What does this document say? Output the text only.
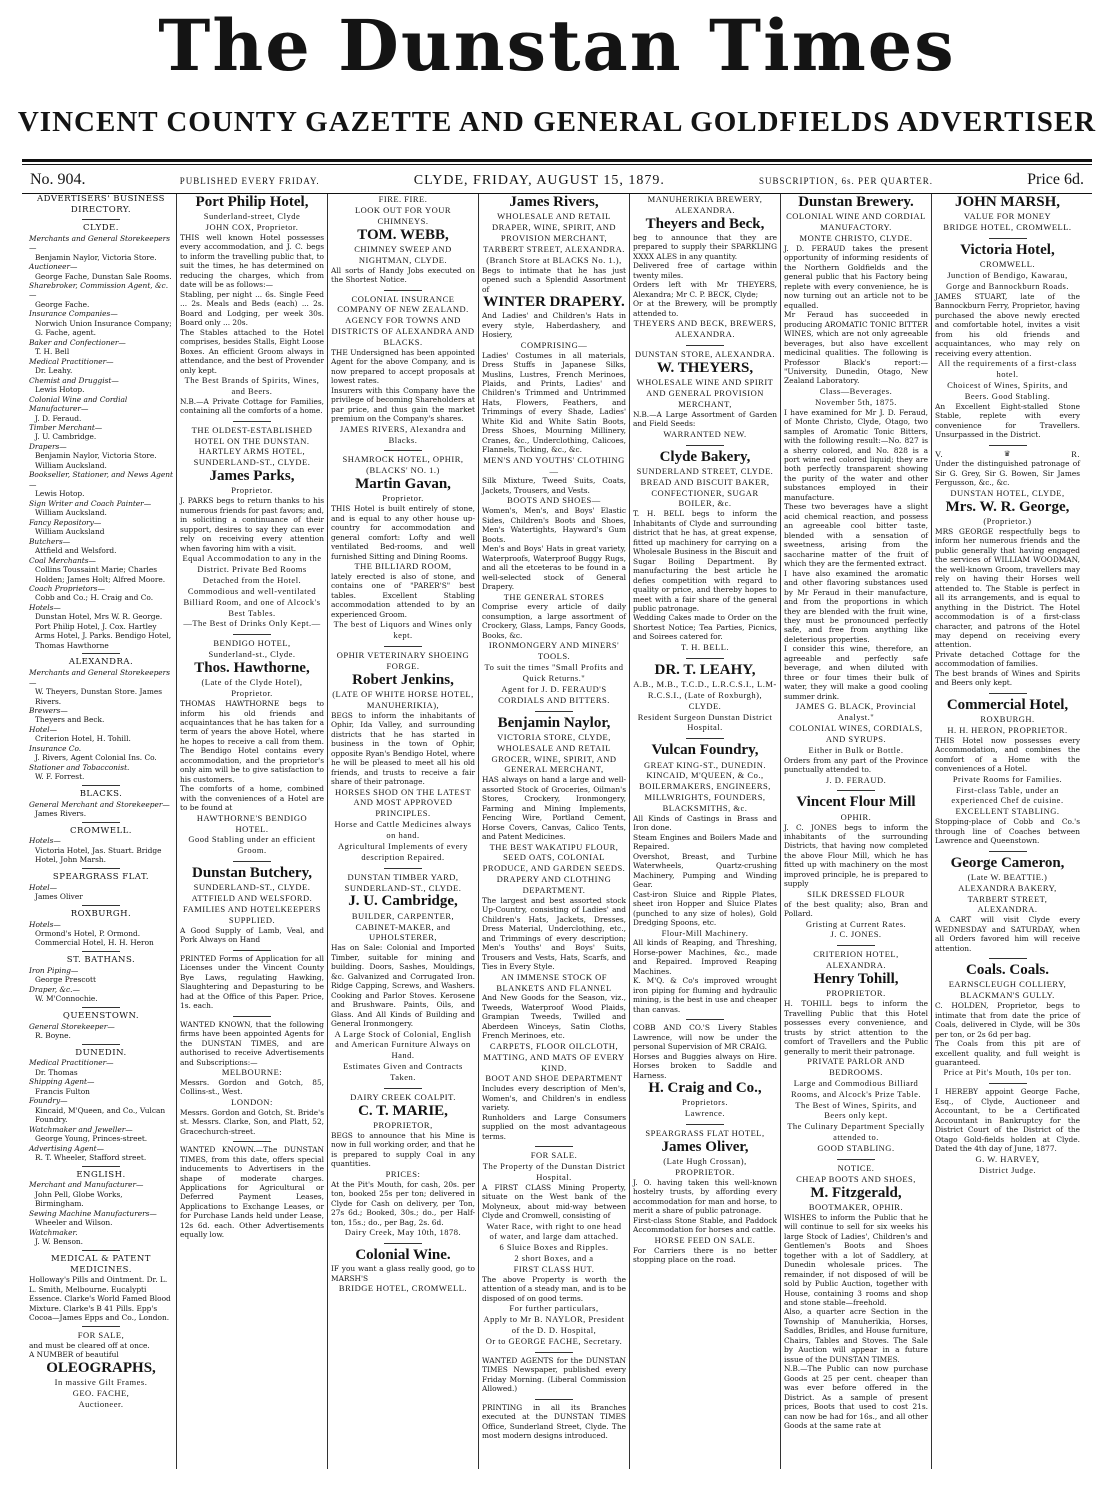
The Dunstan Times
VINCENT COUNTY GAZETTE AND GENERAL GOLDFIELDS ADVERTISER
No. 904.	PUBLISHED EVERY FRIDAY.	CLYDE, FRIDAY, AUGUST 15, 1879.	SUBSCRIPTION, 6s. PER QUARTER.	Price 6d.
ADVERTISERS' BUSINESS DIRECTORY.
CLYDE.
Merchants and General Storekeepers—
Benjamin Naylor, Victoria Store.
Auctioneer—
George Fache, Dunstan Sale Rooms.
Sharebroker, Commission Agent, &c.—
George Fache.
Insurance Companies—
Norwich Union Insurance Company; G. Fache, agent.
Baker and Confectioner—
T. H. Bell
Medical Practitioner—
Dr. Leahy.
Chemist and Druggist—
Lewis Hotop.
Colonial Wine and Cordial Manufacturer—
J. D. Feraud.
Timber Merchant—
J. U. Cambridge.
Drapers—
Benjamin Naylor, Victoria Store. William Aucksland.
Bookseller, Stationer, and News Agent—
Lewis Hotop.
Sign Writer and Coach Painter—
William Aucksland.
Fancy Repository—
William Aucksland
Butchers—
Attfield and Welsford.
Coal Merchants—
Collins Toussaint Marie; Charles Holden; James Holt; Alfred Moore.
Coach Proprietors—
Cobb and Co.; H. Craig and Co.
Hotels—
Dunstan Hotel, Mrs W. R. George. Port Philip Hotel, J. Cox. Hartley Arms Hotel, J. Parks. Bendigo Hotel, Thomas Hawthorne
ALEXANDRA.
Merchants and General Storekeepers—
W. Theyers, Dunstan Store. James Rivers.
Brewers—
Theyers and Beck.
Hotel—
Criterion Hotel, H. Tohill.
Insurance Co.
J. Rivers, Agent Colonial Ins. Co.
Stationer and Tobacconist.
W. F. Forrest.
BLACKS.
General Merchant and Storekeeper—
James Rivers.
CROMWELL.
Hotels—
Victoria Hotel, Jas. Stuart. Bridge Hotel, John Marsh.
SPEARGRASS FLAT.
Hotel—
James Oliver
ROXBURGH.
Hotels—
Ormond's Hotel, P. Ormond. Commercial Hotel, H. H. Heron
ST. BATHANS.
Iron Piping—
George Prescott
Draper, &c.—
W. M'Connochie.
QUEENSTOWN.
General Storekeeper—
R. Boyne.
DUNEDIN.
Medical Practitioner—
Dr. Thomas
Shipping Agent—
Francis Fulton
Foundry—
Kincaid, M'Queen, and Co., Vulcan Foundry.
Watchmaker and Jeweller—
George Young, Princes-street.
Advertising Agent—
R. T. Wheeler, Stafford street.
ENGLISH.
Merchant and Manufacturer—
John Pell, Globe Works, Birmingham.
Sewing Machine Manufacturers—
Wheeler and Wilson.
Watchmaker.
J. W. Benson.
MEDICAL & PATENT MEDICINES.
Holloway's Pills and Ointment. Dr. L. L. Smith, Melbourne. Eucalypti Essence. Clarke's World Famed Blood Mixture. Clarke's B 41 Pills. Epp's Cocoa—James Epps and Co., London.
FOR SALE,
and must be cleared off at once.
A NUMBER of beautiful
OLEOGRAPHS,
In massive Gilt Frames.
GEO. FACHE,
Auctioneer.
Port Philip Hotel,
Sunderland-street, Clyde
JOHN COX, Proprietor.
THIS well known Hotel possesses every accommodation, and J. C. begs to inform the travelling public that, to suit the times, he has determined on reducing the charges, which from date will be as follows:—
Stabling, per night ... 6s. Single Feed ... 2s. Meals and Beds (each) ... 2s. Board and Lodging, per week 30s. Board only ... 20s.
The Stables attached to the Hotel comprises, besides Stalls, Eight Loose Boxes. An efficient Groom always in attendance, and the best of Provender only kept.
The Best Brands of Spirits, Wines, and Beers.
N.B.—A Private Cottage for Families, containing all the comforts of a home.
THE OLDEST-ESTABLISHED HOTEL ON THE DUNSTAN.
HARTLEY ARMS HOTEL, SUNDERLAND-ST., CLYDE.
James Parks,
Proprietor.
J. PARKS begs to return thanks to his numerous friends for past favors; and, in soliciting a continuance of their support, desires to say they can ever rely on receiving every attention when favoring him with a visit.
Equal Accommodation to any in the District. Private Bed Rooms Detached from the Hotel.
Commodious and well-ventilated Billiard Room, and one of Alcock's Best Tables.
—The Best of Drinks Only Kept.—
BENDIGO HOTEL,
Sunderland-st., Clyde.
Thos. Hawthorne,
(Late of the Clyde Hotel),
Proprietor.
THOMAS HAWTHORNE begs to inform his old friends and acquaintances that he has taken for a term of years the above Hotel, where he hopes to receive a call from them. The Bendigo Hotel contains every accommodation, and the proprietor's only aim will be to give satisfaction to his customers.
The comforts of a home, combined with the conveniences of a Hotel are to be found at
HAWTHORNE'S BENDIGO HOTEL.
Good Stabling under an efficient Groom.
Dunstan Butchery,
SUNDERLAND-ST., CLYDE.
ATTFIELD AND WELSFORD.
FAMILIES AND HOTELKEEPERS SUPPLIED.
A Good Supply of Lamb, Veal, and Pork Always on Hand
PRINTED Forms of Application for all Licenses under the Vincent County Bye Laws, regulating Hawking, Slaughtering and Depasturing to be had at the Office of this Paper. Price, 1s. each.
WANTED KNOWN, that the following firms have been appointed Agents for the DUNSTAN TIMES, and are authorised to receive Advertisements and Subscriptions:—
MELBOURNE:
Messrs. Gordon and Gotch, 85, Collins-st., West.
LONDON:
Messrs. Gordon and Gotch, St. Bride's st. Messrs. Clarke, Son, and Platt, 52, Gracechurch-street.
WANTED KNOWN.—The DUNSTAN TIMES, from this date, offers special inducements to Advertisers in the shape of moderate charges. Applications for Agricultural or Deferred Payment Leases, Applications to Exchange Leases, or for Purchase Lands held under Lease, 12s 6d. each. Other Advertisements equally low.
FIRE. FIRE.
LOOK OUT FOR YOUR CHIMNEYS.
TOM. WEBB,
CHIMNEY SWEEP AND NIGHTMAN, CLYDE.
All sorts of Handy Jobs executed on the Shortest Notice.
COLONIAL INSURANCE COMPANY OF NEW ZEALAND.
AGENCY FOR TOWNS AND DISTRICTS OF ALEXANDRA AND BLACKS.
THE Undersigned has been appointed Agent for the above Company, and is now prepared to accept proposals at lowest rates.
Insurers with this Company have the privilege of becoming Shareholders at par price, and thus gain the market premium on the Company's shares.
JAMES RIVERS, Alexandra and Blacks.
SHAMROCK HOTEL, OPHIR, (BLACKS' NO. 1.)
Martin Gavan,
Proprietor.
THIS Hotel is built entirely of stone, and is equal to any other house up-country for accommodation and general comfort: Lofty and well ventilated Bed-rooms, and well furnished Sitting and Dining Rooms.
THE BILLIARD ROOM,
lately erected is also of stone, and contains one of "PARER'S" best tables. Excellent Stabling accommodation attended to by an experienced Groom.
The best of Liquors and Wines only kept.
OPHIR VETERINARY SHOEING FORGE.
Robert Jenkins,
(LATE OF WHITE HORSE HOTEL, MANUHERIKIA),
BEGS to inform the inhabitants of Ophir, Ida Valley, and surrounding districts that he has started in business in the town of Ophir, opposite Ryan's Bendigo Hotel, where he will be pleased to meet all his old friends, and trusts to receive a fair share of their patronage.
HORSES SHOD ON THE LATEST AND MOST APPROVED PRINCIPLES.
Horse and Cattle Medicines always on hand.
Agricultural Implements of every description Repaired.
DUNSTAN TIMBER YARD, SUNDERLAND-ST., CLYDE.
J. U. Cambridge,
BUILDER, CARPENTER, CABINET-MAKER, and UPHOLSTERER,
Has on Sale: Colonial and Imported Timber, suitable for mining and building. Doors, Sashes, Mouldings, &c. Galvanized and Corrugated Iron. Ridge Capping, Screws, and Washers. Cooking and Parlor Stoves. Kerosene and Brushware. Paints, Oils, and Glass. And All Kinds of Building and General Ironmongery.
A Large Stock of Colonial, English and American Furniture Always on Hand.
Estimates Given and Contracts Taken.
DAIRY CREEK COALPIT.
C. T. MARIE,
PROPRIETOR,
BEGS to announce that his Mine is now in full working order, and that he is prepared to supply Coal in any quantities.
PRICES:
At the Pit's Mouth, for cash, 20s. per ton, booked 25s per ton; delivered in Clyde for Cash on delivery, per Ton, 27s 6d.; Booked, 30s.; do., per Half-ton, 15s.; do., per Bag, 2s. 6d.
Dairy Creek, May 10th, 1878.
Colonial Wine.
IF you want a glass really good, go to MARSH'S
BRIDGE HOTEL, CROMWELL.
James Rivers,
WHOLESALE AND RETAIL DRAPER, WINE, SPIRIT, AND PROVISION MERCHANT,
TARBERT STREET, ALEXANDRA.
(Branch Store at BLACKS No. 1.),
Begs to intimate that he has just opened such a Splendid Assortment of
WINTER DRAPERY.
And Ladies' and Children's Hats in every style, Haberdashery, and Hosiery,
COMPRISING—
Ladies' Costumes in all materials, Dress Stuffs in Japanese Silks, Muslins, Lustres, French Merinoes, Plaids, and Prints, Ladies' and Children's Trimmed and Untrimmed Hats, Flowers, Feathers, and Trimmings of every Shade, Ladies' White Kid and White Satin Boots, Dress Shoes, Mourning Millinery, Cranes, &c., Underclothing, Calicoes, Flannels, Ticking, &c., &c.
MEN'S AND YOUTHS' CLOTHING—
Silk Mixture, Tweed Suits, Coats, Jackets, Trousers, and Vests.
BOOTS AND SHOES—
Women's, Men's, and Boys' Elastic Sides, Children's Boots and Shoes, Men's Watertights, Hayward's Gum Boots.
Men's and Boys' Hats in great variety, Waterproofs, Waterproof Buggy Rugs, and all the etceteras to be found in a well-selected stock of General Drapery.
THE GENERAL STORES
Comprise every article of daily consumption, a large assortment of Crockery, Glass, Lamps, Fancy Goods, Books, &c.
IRONMONGERY AND MINERS' TOOLS.
To suit the times "Small Profits and Quick Returns."
Agent for J. D. FERAUD'S CORDIALS AND BITTERS.
Benjamin Naylor,
VICTORIA STORE, CLYDE,
WHOLESALE AND RETAIL
GROCER, WINE, SPIRIT, AND GENERAL MERCHANT,
HAS always on hand a large and well-assorted Stock of Groceries, Oilman's Stores, Crockery, Ironmongery, Farming and Mining Implements, Fencing Wire, Portland Cement, Horse Covers, Canvas, Calico Tents, and Patent Medicines.
THE BEST WAKATIPU FLOUR, SEED OATS, COLONIAL PRODUCE, AND GARDEN SEEDS.
DRAPERY AND CLOTHING DEPARTMENT.
The largest and best assorted stock Up-Country, consisting of Ladies' and Children's Hats, Jackets, Dresses, Dress Material, Underclothing, etc., and Trimmings of every description; Men's Youths' and Boys' Suits, Trousers and Vests, Hats, Scarfs, and Ties in Every Style.
AN IMMENSE STOCK OF BLANKETS AND FLANNEL
And New Goods for the Season, viz., Tweeds, Waterproof Wood Plaids, Grampian Tweeds, Twilled and Aberdeen Winceys, Satin Cloths, French Merinoes, etc.
CARPETS, FLOOR OILCLOTH, MATTING, AND MATS OF EVERY KIND.
BOOT AND SHOE DEPARTMENT
Includes every description of Men's, Women's, and Children's in endless variety.
Runholders and Large Consumers supplied on the most advantageous terms.
FOR SALE.
The Property of the Dunstan District Hospital.
A FIRST CLASS Mining Property, situate on the West bank of the Molyneux, about mid-way between Clyde and Cromwell, consisting of
Water Race, with right to one head of water, and large dam attached.
6 Sluice Boxes and Ripples.
2 short Boxes, and a
FIRST CLASS HUT.
The above Property is worth the attention of a steady man, and is to be disposed of on good terms.
For further particulars,
Apply to Mr B. NAYLOR, President of the D. D. Hospital,
Or to GEORGE FACHE, Secretary.
WANTED AGENTS for the DUNSTAN TIMES Newspaper, published every Friday Morning. (Liberal Commission Allowed.)
PRINTING in all its Branches executed at the DUNSTAN TIMES Office, Sunderland Street, Clyde. The most modern designs introduced.
MANUHERIKIA BREWERY, ALEXANDRA.
Theyers and Beck,
beg to announce that they are prepared to supply their SPARKLING XXXX ALES in any quantity.
Delivered free of cartage within twenty miles.
Orders left with Mr THEYERS, Alexandra; Mr C. P. BECK, Clyde;
Or at the Brewery, will be promptly attended to.
THEYERS AND BECK, BREWERS, ALEXANDRA.
DUNSTAN STORE, ALEXANDRA.
W. THEYERS,
WHOLESALE WINE AND SPIRIT AND GENERAL PROVISION MERCHANT,
N.B.—A Large Assortment of Garden and Field Seeds:
WARRANTED NEW.
Clyde Bakery,
SUNDERLAND STREET, CLYDE.
BREAD AND BISCUIT BAKER, CONFECTIONER, SUGAR BOILER, &c.
T. H. BELL begs to inform the Inhabitants of Clyde and surrounding district that he has, at great expense, fitted up machinery for carrying on a Wholesale Business in the Biscuit and Sugar Boiling Department. By manufacturing the best article he defies competition with regard to quality or price, and thereby hopes to meet with a fair share of the general public patronage.
Wedding Cakes made to Order on the Shortest Notice; Tea Parties, Picnics, and Soirees catered for.
T. H. BELL.
DR. T. LEAHY,
A.B., M.B., T.C.D., L.R.C.S.I., L.M-R.C.S.I., (Late of Roxburgh), CLYDE.
Resident Surgeon Dunstan District Hospital.
Vulcan Foundry,
GREAT KING-ST., DUNEDIN.
KINCAID, M'QUEEN, & Co., BOILERMAKERS, ENGINEERS, MILLWRIGHTS, FOUNDERS, BLACKSMITHS, &c.
All Kinds of Castings in Brass and Iron done.
Steam Engines and Boilers Made and Repaired.
Overshot, Breast, and Turbine Waterwheels, Quartz-crushing Machinery, Pumping and Winding Gear.
Cast-iron Sluice and Ripple Plates, sheet iron Hopper and Sluice Plates (punched to any size of holes), Gold Dredging Spoons, etc.
Flour-Mill Machinery.
All kinds of Reaping, and Threshing, Horse-power Machines, &c., made and Repaired. Improved Reaping Machines.
K. M'Q. & Co's improved wrought iron piping for fluming and hydraulic mining, is the best in use and cheaper than canvas.
COBB AND CO.'S Livery Stables Lawrence, will now be under the personal Supervision of MR CRAIG.
Horses and Buggies always on Hire. Horses broken to Saddle and Harness.
H. Craig and Co.,
Proprietors.
Lawrence.
SPEARGRASS FLAT HOTEL,
James Oliver,
(Late Hugh Crossan),
PROPRIETOR.
J. O. having taken this well-known hostelry trusts, by affording every accommodation for man and horse, to merit a share of public patronage.
First-class Stone Stable, and Paddock Accommodation for horses and cattle.
HORSE FEED ON SALE.
For Carriers there is no better stopping place on the road.
Dunstan Brewery.
COLONIAL WINE AND CORDIAL MANUFACTORY.
MONTE CHRISTO, CLYDE.
J. D. FERAUD takes the present opportunity of informing residents of the Northern Goldfields and the general public that his Factory being replete with every convenience, he is now turning out an article not to be equalled.
Mr Feraud has succeeded in producing AROMATIC TONIC BITTER WINES, which are not only agreeable beverages, but also have excellent medicinal qualities. The following is Professor Black's report:— "University, Dunedin, Otago, New Zealand Laboratory.
Class—Beverages.
November 5th, 1875.
I have examined for Mr J. D. Feraud, of Monte Christo, Clyde, Otago, two samples of Aromatic Tonic Bitters, with the following result:—No. 827 is a sherry colored, and No. 828 is a port wine red colored liquid; they are both perfectly transparent showing the purity of the water and other substances employed in their manufacture.
These two beverages have a slight acid chemical reaction, and possess an agreeable cool bitter taste, blended with a sensation of sweetness, arising from the saccharine matter of the fruit of which they are the fermented extract.
I have also examined the aromatic and other flavoring substances used by Mr Feraud in their manufacture, and from the proportions in which they are blended with the fruit wine, they must be pronounced perfectly safe, and free from anything like deleterious properties.
I consider this wine, therefore, an agreeable and perfectly safe beverage, and when diluted with three or four times their bulk of water, they will make a good cooling summer drink.
JAMES G. BLACK, Provincial Analyst."
COLONIAL WINES, CORDIALS, AND SYRUPS.
Either in Bulk or Bottle.
Orders from any part of the Province punctually attended to.
J. D. FERAUD.
Vincent Flour Mill
OPHIR.
J. C. JONES begs to inform the inhabitants of the surrounding Districts, that having now completed the above Flour Mill, which he has fitted up with machinery on the most improved principle, he is prepared to supply
SILK DRESSED FLOUR
of the best quality; also, Bran and Pollard.
Gristing at Current Rates.
J. C. JONES.
CRITERION HOTEL,
ALEXANDRA.
Henry Tohill,
PROPRIETOR.
H. TOHILL begs to inform the Travelling Public that this Hotel possesses every convenience, and trusts by strict attention to the comfort of Travellers and the Public generally to merit their patronage.
PRIVATE PARLOR AND BEDROOMS.
Large and Commodious Billiard Rooms, and Alcock's Prize Table.
The Best of Wines, Spirits, and Beers only kept.
The Culinary Department Specially attended to.
GOOD STABLING.
NOTICE.
CHEAP BOOTS AND SHOES,
M. Fitzgerald,
BOOTMAKER, OPHIR.
WISHES to inform the Public that he will continue to sell for six weeks his large Stock of Ladies', Children's and Gentlemen's Boots and Shoes together with a lot of Saddlery, at Dunedin wholesale prices. The remainder, if not disposed of will be sold by Public Auction, together with House, containing 3 rooms and shop and stone stable—freehold.
Also, a quarter acre Section in the Township of Manuherikia, Horses, Saddles, Bridles, and House furniture, Chairs, Tables and Stoves. The Sale by Auction will appear in a future issue of the DUNSTAN TIMES.
N.B.—The Public can now purchase Goods at 25 per cent. cheaper than was ever before offered in the District. As a sample of present prices, Boots that used to cost 21s. can now be had for 16s., and all other Goods at the same rate at
JOHN MARSH,
VALUE FOR MONEY
BRIDGE HOTEL, CROMWELL.
Victoria Hotel,
CROMWELL.
Junction of Bendigo, Kawarau, Gorge and Bannockburn Roads.
JAMES STUART, late of the Bannockburn Ferry, Proprietor, having purchased the above newly erected and comfortable hotel, invites a visit from his old friends and acquaintances, who may rely on receiving every attention.
All the requirements of a first-class hotel.
Choicest of Wines, Spirits, and Beers. Good Stabling.
An Excellent Eight-stalled Stone Stable, replete with every convenience for Travellers. Unsurpassed in the District.
V.	♛	R.
Under the distinguished patronage of Sir G. Grey, Sir G. Bowen, Sir James Fergusson, &c., &c.
DUNSTAN HOTEL, CLYDE,
Mrs. W. R. George,
(Proprietor.)
MRS GEORGE respectfully begs to inform her numerous friends and the public generally that having engaged the services of WILLIAM WOODMAN, the well-known Groom, travellers may rely on having their Horses well attended to. The Stable is perfect in all its arrangements, and is equal to anything in the District. The Hotel accommodation is of a first-class character, and patrons of the Hotel may depend on receiving every attention.
Private detached Cottage for the accommodation of families.
The best brands of Wines and Spirits and Beers only kept.
Commercial Hotel,
ROXBURGH.
H. H. HERON, PROPRIETOR.
THIS Hotel now possesses every Accommodation, and combines the comfort of a Home with the conveniences of a Hotel.
Private Rooms for Families.
First-class Table, under an experienced Chef de cuisine.
EXCELLENT STABLING.
Stopping-place of Cobb and Co.'s through line of Coaches between Lawrence and Queenstown.
George Cameron,
(Late W. BEATTIE.)
ALEXANDRA BAKERY,
TARBERT STREET,
ALEXANDRA.
A CART will visit Clyde every WEDNESDAY and SATURDAY, when all Orders favored him will receive attention.
Coals. Coals.
EARNSCLEUGH COLLIERY, BLACKMAN'S GULLY.
C. HOLDEN, Proprietor, begs to intimate that from date the price of Coals, delivered in Clyde, will be 30s per ton, or 2s 6d per bag.
The Coals from this pit are of excellent quality, and full weight is guaranteed.
Price at Pit's Mouth, 10s per ton.
I HEREBY appoint George Fache, Esq., of Clyde, Auctioneer and Accountant, to be a Certificated Accountant in Bankruptcy for the District Court of the District of the Otago Gold-fields holden at Clyde. Dated the 4th day of June, 1877.
G. W. HARVEY,
District Judge.
